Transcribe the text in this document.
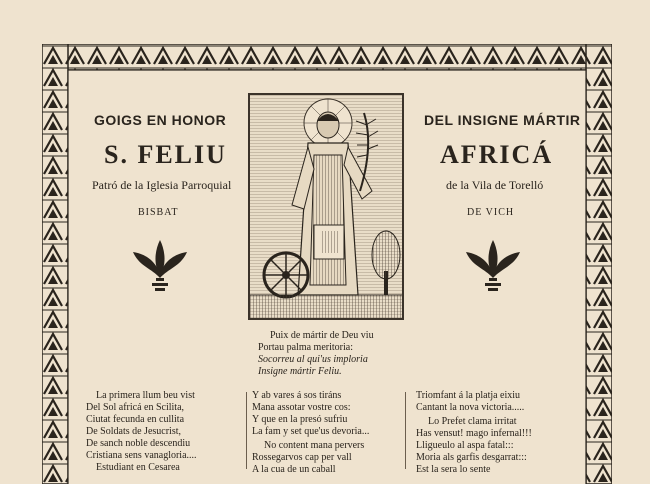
GOIGS EN HONOR
S. FELIU
Patró de la Iglesia Parroquial
BISBAT
DEL INSIGNE MÁRTIR
AFRICÁ
de la Vila de Torelló
DE VICH
Puix de mártir de Deu viu
Portau palma meritoria:
Socorreu al qui'us imploria
Insigne mártir Feliu.
La primera llum beu vist
Del Sol africá en Scilita,
Ciutat fecunda en cullita
De Soldats de Jesucrist,
De sanch noble descendiu
Cristiana sens vanagloria....
Estudiant en Cesarea
Y ab vares á sos tiráns
Mana assotar vostre cos:
Y que en la presó sufriu
La fam y set que'us devoria...
No content mana pervers
Rossegarvos cap per vall
A la cua de un caball
Triomfant á la platja eixiu
Cantant la nova victoria.....
Lo Prefet clama irritat
Has vensut! mago infernal!!!
Lligueulo al aspa fatal:::
Moria als garfis desgarrat:::
Est la sera lo sente
